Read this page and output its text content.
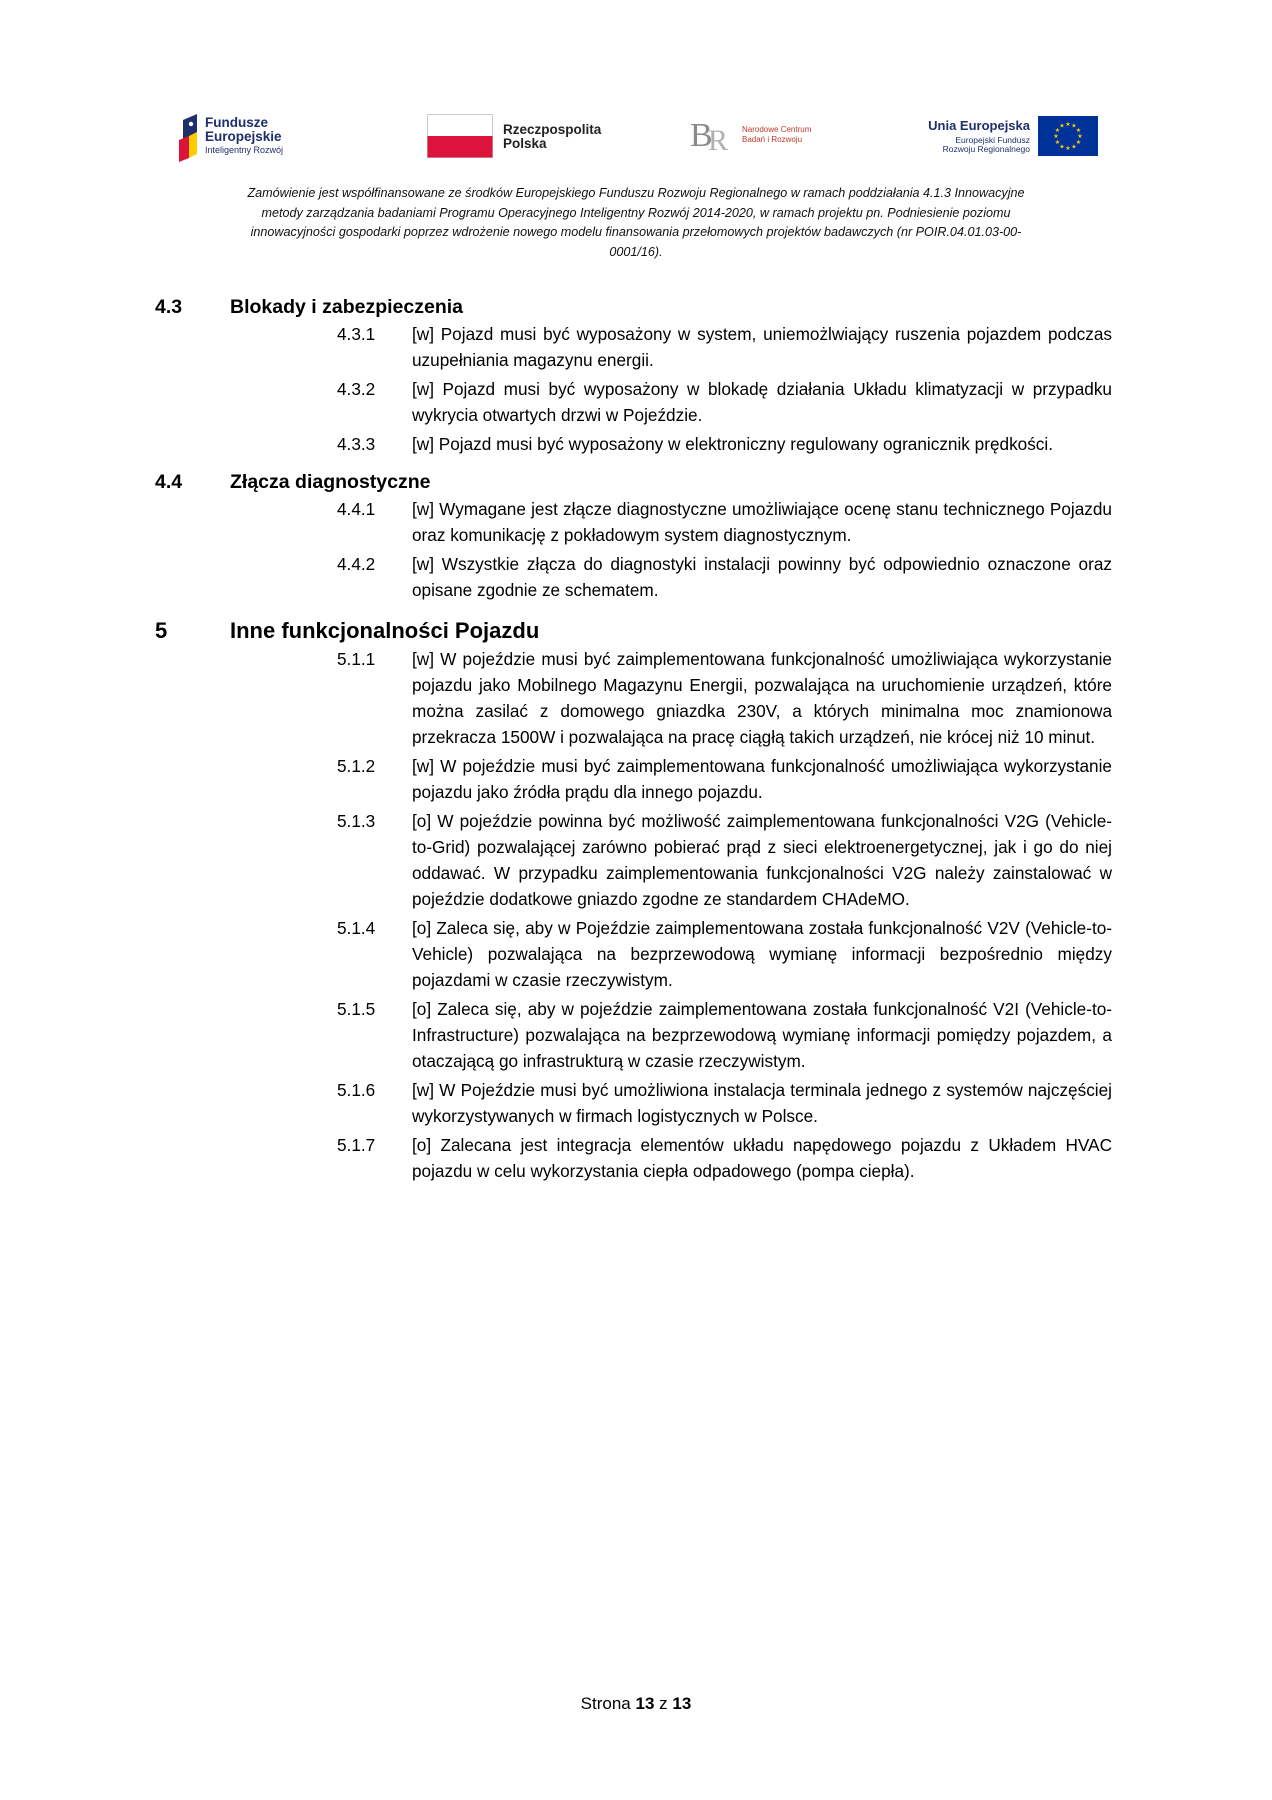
Fundusze
Europejskie
Inteligentny Rozwój
Rzeczpospolita
Polska	B
R Narodowe Centrum
Badań i Rozwoju
Unia Europejska
Europejski Fundusz
Rozwoju Regionalnego
★ ★
★
★
★
★
★
★
★
★
★
★
Zamówienie jest współfinansowane ze środków Europejskiego Funduszu Rozwoju Regionalnego w ramach poddziałania 4.1.3 Innowacyjne
metody zarządzania badaniami Programu Operacyjnego Inteligentny Rozwój 2014-2020, w ramach projektu pn. Podniesienie poziomu
innowacyjności gospodarki poprzez wdrożenie nowego modelu finansowania przełomowych projektów badawczych (nr POIR.04.01.03-00-
0001/16).
4.3 Blokady i zabezpieczenia
4.3.1 [w] Pojazd musi być wyposażony w system, uniemożlwiający ruszenia pojazdem podczas uzupełniania magazynu energii.
4.3.2 [w] Pojazd musi być wyposażony w blokadę działania Układu klimatyzacji w przypadku wykrycia otwartych drzwi w Pojeździe.
4.3.3 [w] Pojazd musi być wyposażony w elektroniczny regulowany ogranicznik prędkości.
4.4 Złącza diagnostyczne
4.4.1 [w] Wymagane jest złącze diagnostyczne umożliwiające ocenę stanu technicznego Pojazdu oraz komunikację z pokładowym system diagnostycznym.
4.4.2 [w] Wszystkie złącza do diagnostyki instalacji powinny być odpowiednio oznaczone oraz opisane zgodnie ze schematem.
5	Inne funkcjonalności Pojazdu
5.1.1 [w] W pojeździe musi być zaimplementowana funkcjonalność umożliwiająca wykorzystanie pojazdu jako Mobilnego Magazynu Energii, pozwalająca na uruchomienie urządzeń, które można zasilać z domowego gniazdka 230V, a których minimalna moc znamionowa przekracza 1500W i pozwalająca na pracę ciągłą takich urządzeń, nie krócej niż 10 minut.
5.1.2 [w] W pojeździe musi być zaimplementowana funkcjonalność umożliwiająca wykorzystanie pojazdu jako źródła prądu dla innego pojazdu.
5.1.3 [o] W pojeździe powinna być możliwość zaimplementowana funkcjonalności V2G (Vehicle-to-Grid) pozwalającej zarówno pobierać prąd z sieci elektroenergetycznej, jak i go do niej oddawać. W przypadku zaimplementowania funkcjonalności V2G należy zainstalować w pojeździe dodatkowe gniazdo zgodne ze standardem CHAdeMO.
5.1.4 [o] Zaleca się, aby w Pojeździe zaimplementowana została funkcjonalność V2V (Vehicle-to-Vehicle) pozwalająca na bezprzewodową wymianę informacji bezpośrednio między pojazdami w czasie rzeczywistym.
5.1.5 [o] Zaleca się, aby w pojeździe zaimplementowana została funkcjonalność V2I (Vehicle-to-Infrastructure) pozwalająca na bezprzewodową wymianę informacji pomiędzy pojazdem, a otaczającą go infrastrukturą w czasie rzeczywistym.
5.1.6 [w] W Pojeździe musi być umożliwiona instalacja terminala jednego z systemów najczęściej wykorzystywanych w firmach logistycznych w Polsce.
5.1.7 [o] Zalecana jest integracja elementów układu napędowego pojazdu z Układem HVAC pojazdu w celu wykorzystania ciepła odpadowego (pompa ciepła).
Strona 13 z 13
